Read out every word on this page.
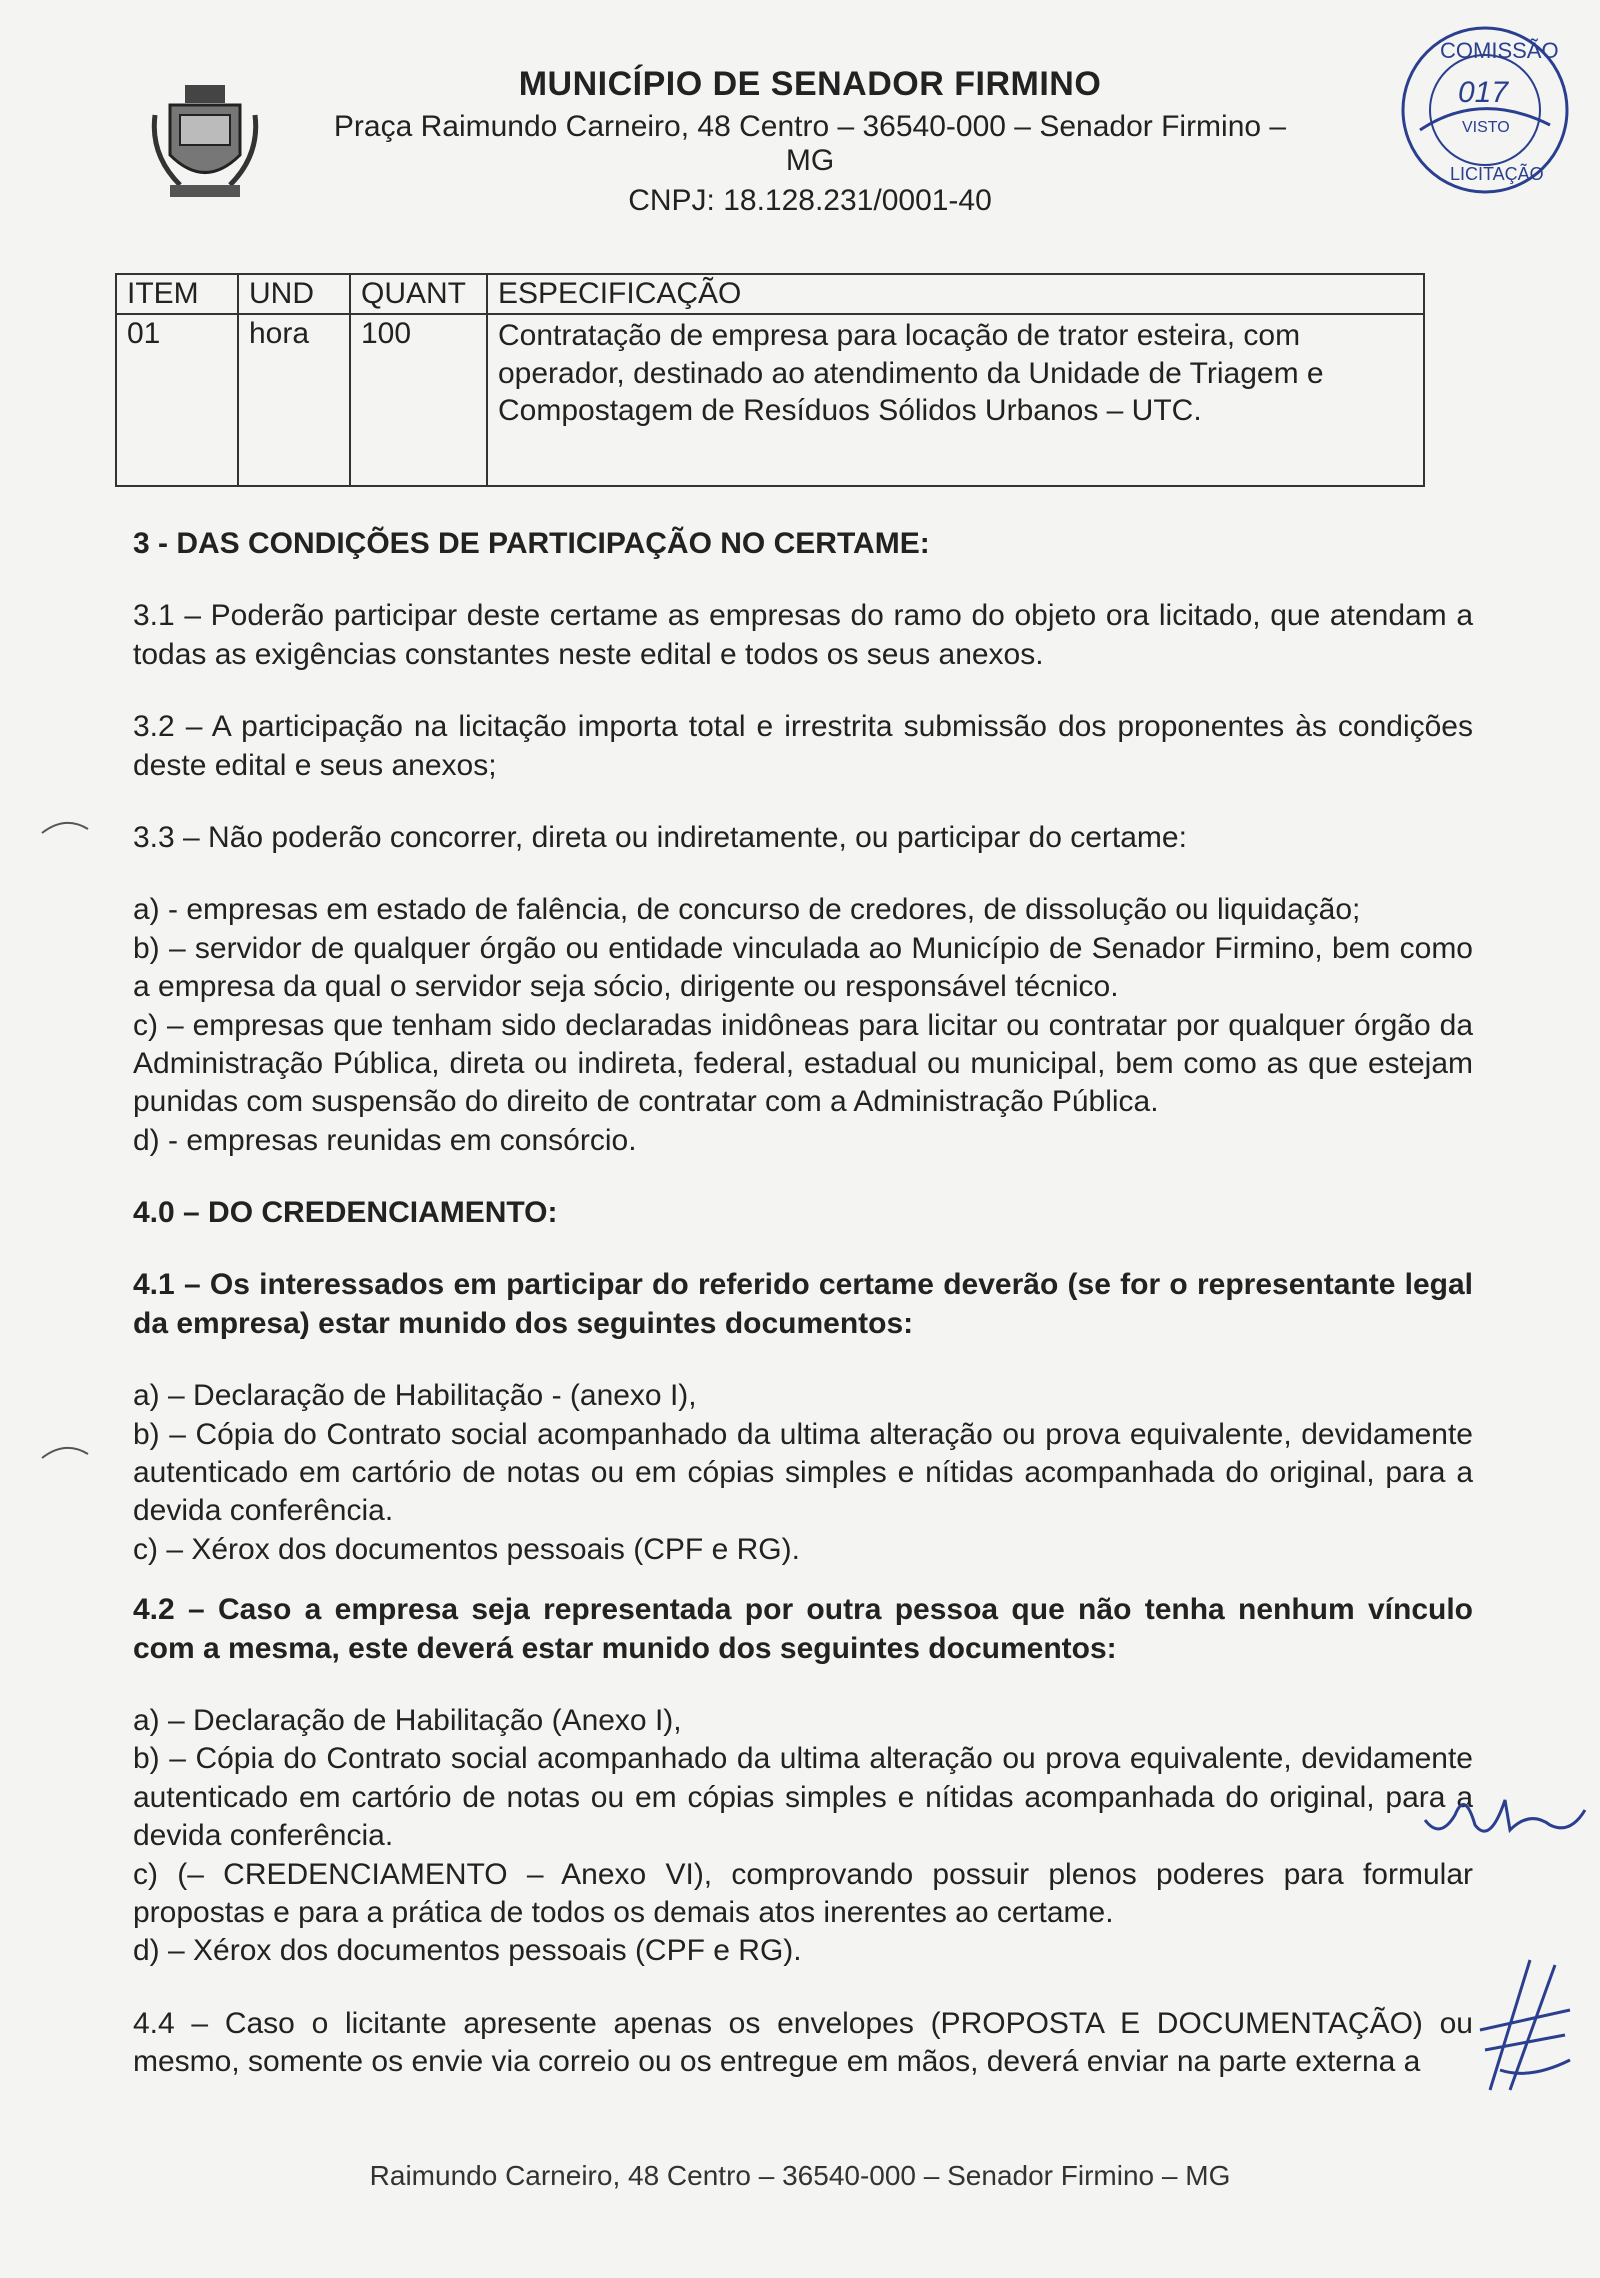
MUNICÍPIO DE SENADOR FIRMINO
Praça Raimundo Carneiro, 48 Centro – 36540-000 – Senador Firmino – MG
CNPJ: 18.128.231/0001-40
COMISSÃO
017
VISTO
LICITAÇÃO
ITEM	UND	QUANT	ESPECIFICAÇÃO
01	hora	100	Contratação de empresa para locação de trator esteira, com operador, destinado ao atendimento da Unidade de Triagem e Compostagem de Resíduos Sólidos Urbanos – UTC.

3 - DAS CONDIÇÕES DE PARTICIPAÇÃO NO CERTAME:

3.1 – Poderão participar deste certame as empresas do ramo do objeto ora licitado, que atendam a todas as exigências constantes neste edital e todos os seus anexos.

3.2 – A participação na licitação importa total e irrestrita submissão dos proponentes às condições deste edital e seus anexos;

3.3 – Não poderão concorrer, direta ou indiretamente, ou participar do certame:

a) - empresas em estado de falência, de concurso de credores, de dissolução ou liquidação;

b) – servidor de qualquer órgão ou entidade vinculada ao Município de Senador Firmino, bem como a empresa da qual o servidor seja sócio, dirigente ou responsável técnico.

c) – empresas que tenham sido declaradas inidôneas para licitar ou contratar por qualquer órgão da Administração Pública, direta ou indireta, federal, estadual ou municipal, bem como as que estejam punidas com suspensão do direito de contratar com a Administração Pública.

d) - empresas reunidas em consórcio.

4.0 – DO CREDENCIAMENTO:

4.1 – Os interessados em participar do referido certame deverão (se for o representante legal da empresa) estar munido dos seguintes documentos:

a) – Declaração de Habilitação - (anexo I),

b) – Cópia do Contrato social acompanhado da ultima alteração ou prova equivalente, devidamente autenticado em cartório de notas ou em cópias simples e nítidas acompanhada do original, para a devida conferência.

c) – Xérox dos documentos pessoais (CPF e RG).

4.2 – Caso a empresa seja representada por outra pessoa que não tenha nenhum vínculo com a mesma, este deverá estar munido dos seguintes documentos:

a) – Declaração de Habilitação (Anexo I),

b) – Cópia do Contrato social acompanhado da ultima alteração ou prova equivalente, devidamente autenticado em cartório de notas ou em cópias simples e nítidas acompanhada do original, para a devida conferência.

c) (– CREDENCIAMENTO – Anexo VI), comprovando possuir plenos poderes para formular propostas e para a prática de todos os demais atos inerentes ao certame.

d) – Xérox dos documentos pessoais (CPF e RG).

4.4 – Caso o licitante apresente apenas os envelopes (PROPOSTA E DOCUMENTAÇÃO) ou mesmo, somente os envie via correio ou os entregue em mãos, deverá enviar na parte externa a

Raimundo Carneiro, 48 Centro – 36540-000 – Senador Firmino – MG
